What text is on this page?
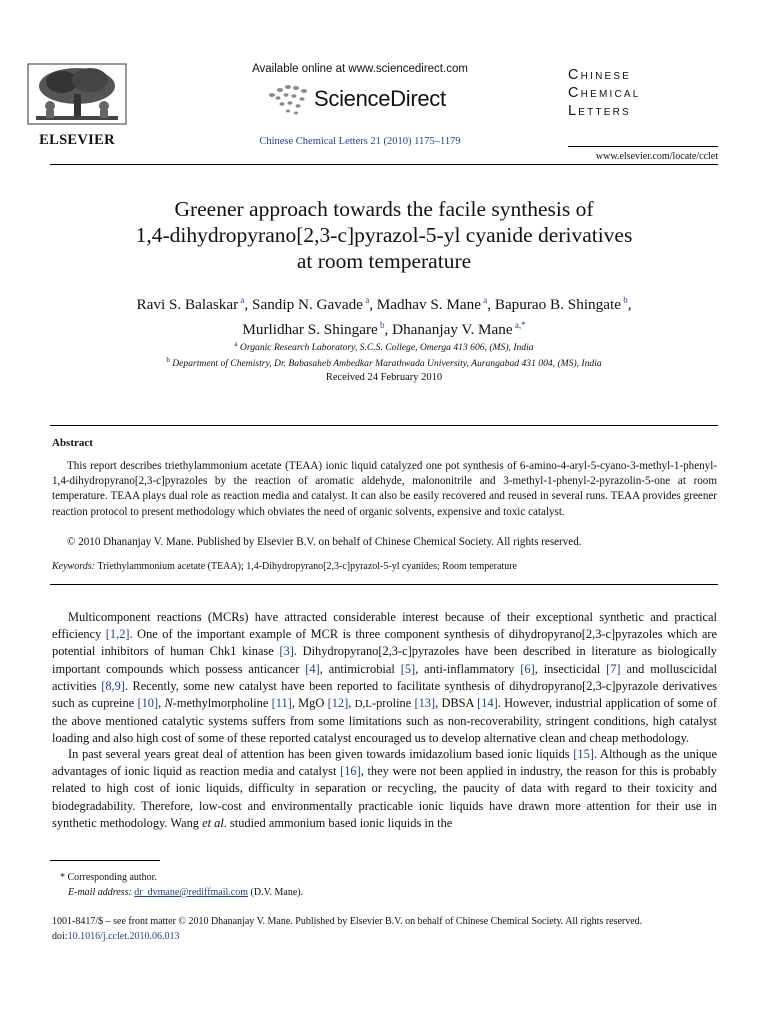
ELSEVIER
Available online at www.sciencedirect.com
ScienceDirect
Chinese Chemical Letters 21 (2010) 1175–1179
Chinese
Chemical
Letters
www.elsevier.com/locate/cclet
Greener approach towards the facile synthesis of
1,4-dihydropyrano[2,3-c]pyrazol-5-yl cyanide derivatives
at room temperature
Ravi S. Balaskar $^a$, Sandip N. Gavade $^a$, Madhav S. Mane $^a$, Bapurao B. Shingate $^b$,
Murlidhar S. Shingare $^b$, Dhananjay V. Mane $^{a,*}$
$^a$ Organic Research Laboratory, S.C.S. College, Omerga 413 606, (MS), India
$^b$ Department of Chemistry, Dr. Babasaheb Ambedkar Marathwada University, Aurangabad 431 004, (MS), India
Received 24 February 2010
Abstract
This report describes triethylammonium acetate (TEAA) ionic liquid catalyzed one pot synthesis of 6-amino-4-aryl-5-cyano-3-methyl-1-phenyl-1,4-dihydropyrano[2,3-c]pyrazoles by the reaction of aromatic aldehyde, malononitrile and 3-methyl-1-phenyl-2-pyrazolin-5-one at room temperature. TEAA plays dual role as reaction media and catalyst. It can also be easily recovered and reused in several runs. TEAA provides greener reaction protocol to present methodology which obviates the need of organic solvents, expensive and toxic catalyst.
© 2010 Dhananjay V. Mane. Published by Elsevier B.V. on behalf of Chinese Chemical Society. All rights reserved.
Keywords: Triethylammonium acetate (TEAA); 1,4-Dihydropyrano[2,3-c]pyrazol-5-yl cyanides; Room temperature
Multicomponent reactions (MCRs) have attracted considerable interest because of their exceptional synthetic and practical efficiency [1,2]. One of the important example of MCR is three component synthesis of dihydropyrano[2,3-c]pyrazoles which are potential inhibitors of human Chk1 kinase [3]. Dihydropyrano[2,3-c]pyrazoles have been described in literature as biologically important compounds which possess anticancer [4], antimicrobial [5], anti-inflammatory [6], insecticidal [7] and molluscicidal activities [8,9]. Recently, some new catalyst have been reported to facilitate synthesis of dihydropyrano[2,3-c]pyrazole derivatives such as cupreine [10], N-methylmorpholine [11], MgO [12], D,L-proline [13], DBSA [14]. However, industrial application of some of the above mentioned catalytic systems suffers from some limitations such as non-recoverability, stringent conditions, high catalyst loading and also high cost of some of these reported catalyst encouraged us to develop alternative clean and cheap methodology.
In past several years great deal of attention has been given towards imidazolium based ionic liquids [15]. Although as the unique advantages of ionic liquid as reaction media and catalyst [16], they were not been applied in industry, the reason for this is probably related to high cost of ionic liquids, difficulty in separation or recycling, the paucity of data with regard to their toxicity and biodegradability. Therefore, low-cost and environmentally practicable ionic liquids have drawn more attention for their use in synthetic methodology. Wang et al. studied ammonium based ionic liquids in the
* Corresponding author.
E-mail address: dr_dvmane@rediffmail.com (D.V. Mane).
1001-8417/$ – see front matter © 2010 Dhananjay V. Mane. Published by Elsevier B.V. on behalf of Chinese Chemical Society. All rights reserved.
doi:10.1016/j.cclet.2010.06.013
